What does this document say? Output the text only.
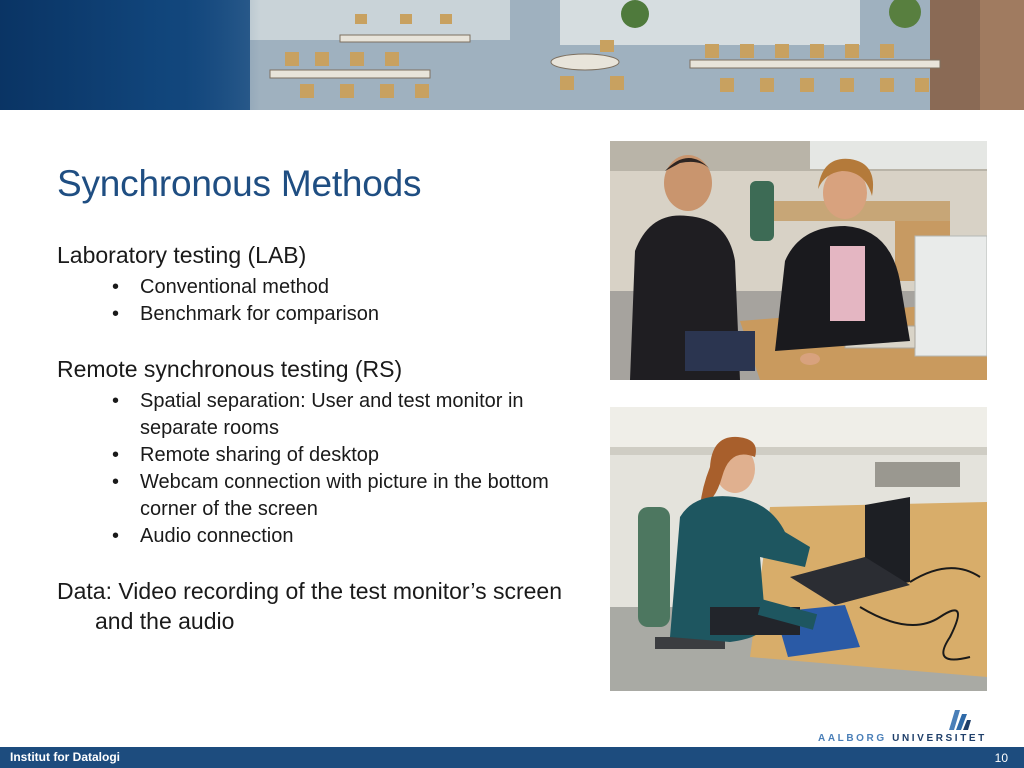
Synchronous Methods

Laboratory testing (LAB)

• Conventional method
• Benchmark for comparison

Remote synchronous testing (RS)

• Spatial separation: User and test monitor in separate rooms
• Remote sharing of desktop
• Webcam connection with picture in the bottom corner of the screen
• Audio connection

Data: Video recording of the test monitor’s screen and the audio

AALBORG UNIVERSITET
Institut for Datalogi	10
